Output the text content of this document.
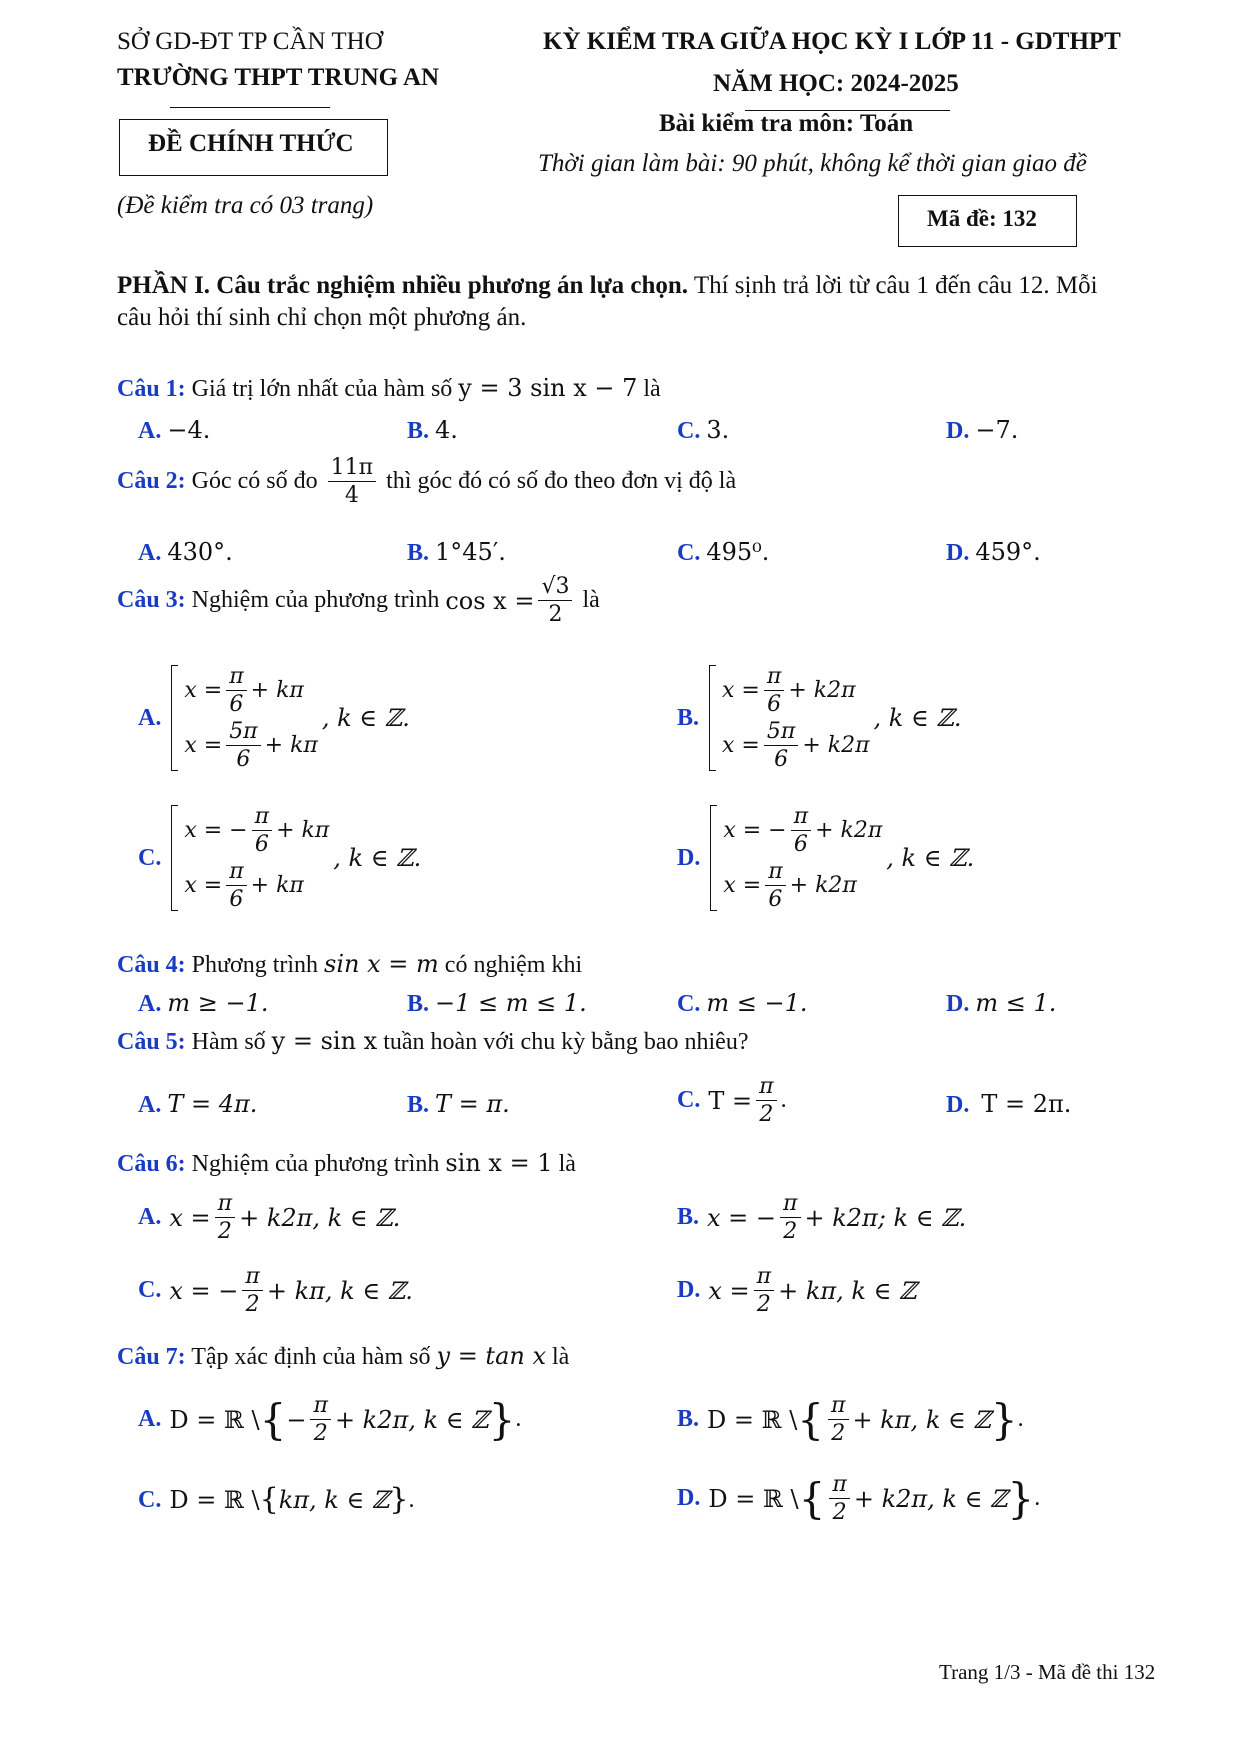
SỞ GD-ĐT TP CẦN THƠ
TRƯỜNG THPT TRUNG AN
ĐỀ CHÍNH THỨC
(Đề kiểm tra có 03 trang)
KỲ KIỂM TRA GIỮA HỌC KỲ I LỚP 11 - GDTHPT
NĂM HỌC: 2024-2025
Bài kiểm tra môn: Toán
Thời gian làm bài: 90 phút, không kể thời gian giao đề
Mã đề: 132
PHẦN I. Câu trắc nghiệm nhiều phương án lựa chọn. Thí sịnh trả lời từ câu 1 đến câu 12. Mỗi
câu hỏi thí sinh chỉ chọn một phương án.
Câu 1: Giá trị lớn nhất của hàm số y = 3 sin x − 7 là
A. −4.	B. 4.	C. 3.	D. −7.
Câu 2: Góc có số đo $\frac{11\pi}{4}$ thì góc đó có số đo theo đơn vị độ là
A. 430°.	B. 1°45′.	C. 495⁰.	D. 459°.
Câu 3: Nghiệm của phương trình $\cos x = \frac{√3}{2}$ là
A.
$x = \frac{\pi}{6} + k\pi$
$x = \frac{5\pi}{6} + k\pi$
, k ∈ ℤ.	B.
$x = \frac{\pi}{6} + k2\pi$
$x = \frac{5\pi}{6} + k2\pi$
, k ∈ ℤ.
C.
x = − $\frac{\pi}{6} + k\pi$
$x = \frac{\pi}{6} + k\pi$
, k ∈ ℤ.	D.
x = − $\frac{\pi}{6} + k2\pi$
$x = \frac{\pi}{6} + k2\pi$
, k ∈ ℤ.
Câu 4: Phương trình sin x = m có nghiệm khi
A. m ≥ −1.	B. −1 ≤ m ≤ 1.	C. m ≤ −1.	D. m ≤ 1.
Câu 5: Hàm số y = sin x tuần hoàn với chu kỳ bằng bao nhiêu?
A. T = 4π.	B. T = π.	C. $T = \frac{\pi}{2}$ .	D. T = 2π.
Câu 6: Nghiệm của phương trình sin x = 1 là
A. $x = \frac{\pi}{2} + k2\pi$, k ∈ ℤ.	B. x = − $\frac{\pi}{2} + k2\pi$; k ∈ ℤ.
C. x = − $\frac{\pi}{2} + k\pi$, k ∈ ℤ.	D. $x = \frac{\pi}{2} + k\pi$, k ∈ ℤ
Câu 7: Tập xác định của hàm số y = tan x là
A. D = ℝ \ { − $\frac{\pi}{2} + k2\pi$, k ∈ ℤ } .	B. D = ℝ \ { $\frac{\pi}{2} + k\pi$, k ∈ ℤ } .
C. D = ℝ \ { kπ, k ∈ ℤ } .	D. D = ℝ \ { $\frac{\pi}{2} + k2\pi$, k ∈ ℤ } .
Trang 1/3 - Mã đề thi 132
